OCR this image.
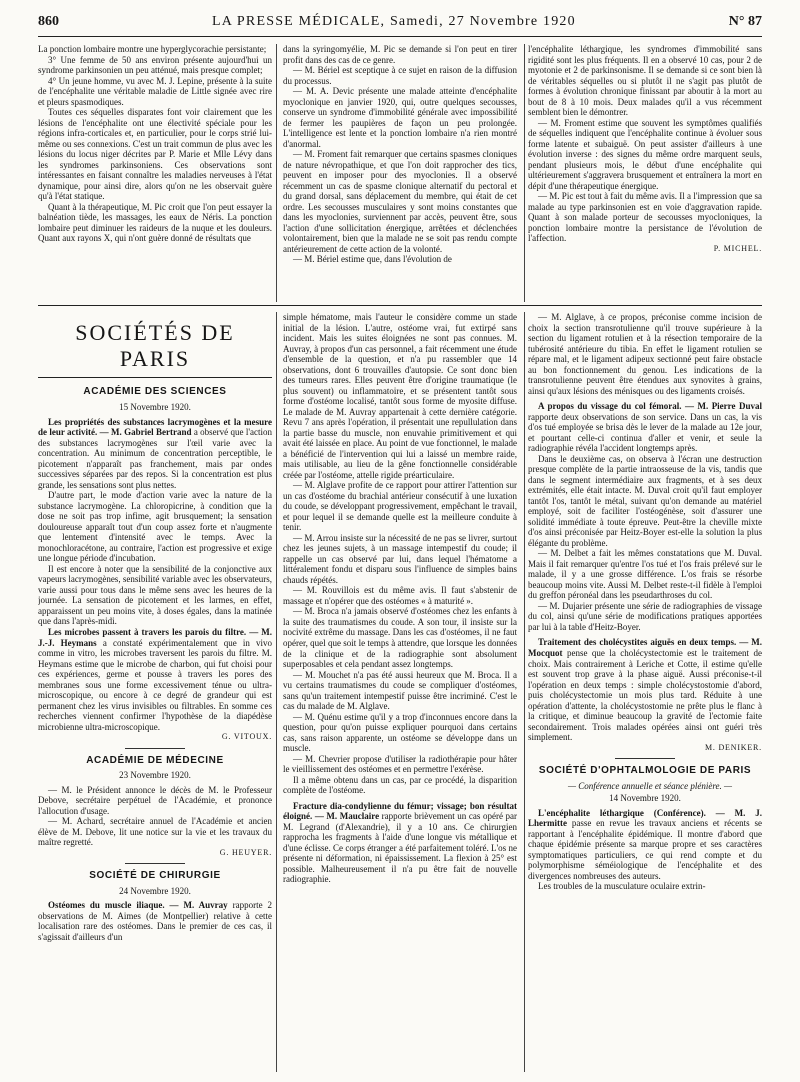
860	LA PRESSE MÉDICALE, Samedi, 27 Novembre 1920	N° 87

La ponction lombaire montre une hyperglycorachie persistante;

3° Une femme de 50 ans environ présente aujourd'hui un syndrome parkinsonien un peu atténué, mais presque complet;

4° Un jeune homme, vu avec M. J. Lepine, présente à la suite de l'encéphalite une véritable maladie de Little signée avec rire et pleurs spasmodiques.

Toutes ces séquelles disparates font voir clairement que les lésions de l'encéphalite ont une électivité spéciale pour les régions infra-corticales et, en particulier, pour le corps strié lui-même ou ses connexions. C'est un trait commun de plus avec les lésions du locus niger décrites par P. Marie et Mlle Lévy dans les syndromes parkinsoniens. Ces observations sont intéressantes en faisant connaître les maladies nerveuses à l'état dynamique, pour ainsi dire, alors qu'on ne les observait guère qu'à l'état statique.

Quant à la thérapeutique, M. Pic croit que l'on peut essayer la balnéation tiède, les massages, les eaux de Néris. La ponction lombaire peut diminuer les raideurs de la nuque et les douleurs. Quant aux rayons X, qui n'ont guère donné de résultats que

dans la syringomyélie, M. Pic se demande si l'on peut en tirer profit dans des cas de ce genre.

— M. Bériel est sceptique à ce sujet en raison de la diffusion du processus.

— M. A. Devic présente une malade atteinte d'encéphalite myoclonique en janvier 1920, qui, outre quelques secousses, conserve un syndrome d'immobilité générale avec impossibilité de fermer les paupières de façon un peu prolongée. L'intelligence est lente et la ponction lombaire n'a rien montré d'anormal.

— M. Froment fait remarquer que certains spasmes cloniques de nature névropathique, et que l'on doit rapprocher des tics, peuvent en imposer pour des myoclonies. Il a observé récemment un cas de spasme clonique alternatif du pectoral et du grand dorsal, sans déplacement du membre, qui était de cet ordre. Les secousses musculaires y sont moins constantes que dans les myoclonies, surviennent par accès, peuvent être, sous l'action d'une sollicitation énergique, arrêtées et déclenchées volontairement, bien que la malade ne se soit pas rendu compte antérieurement de cette action de la volonté.

— M. Bériel estime que, dans l'évolution de

l'encéphalite léthargique, les syndromes d'immobilité sans rigidité sont les plus fréquents. Il en a observé 10 cas, pour 2 de myotonie et 2 de parkinsonisme. Il se demande si ce sont bien là de véritables séquelles ou si plutôt il ne s'agit pas plutôt de formes à évolution chronique finissant par aboutir à la mort au bout de 8 à 10 mois. Deux malades qu'il a vus récemment semblent bien le démontrer.

— M. Froment estime que souvent les symptômes qualifiés de séquelles indiquent que l'encéphalite continue à évoluer sous forme latente et subaiguë. On peut assister d'ailleurs à une évolution inverse : des signes du même ordre marquent seuls, pendant plusieurs mois, le début d'une encéphalite qui ultérieurement s'aggravera brusquement et entraînera la mort en dépit d'une thérapeutique énergique.

— M. Pic est tout à fait du même avis. Il a l'impression que sa malade au type parkinsonien est en voie d'aggravation rapide. Quant à son malade porteur de secousses myocloniques, la ponction lombaire montre la persistance de l'évolution de l'affection.

P. MICHEL.

SOCIÉTÉS DE PARIS
ACADÉMIE DES SCIENCES
15 Novembre 1920.

Les propriétés des substances lacrymogènes et la mesure de leur activité. — M. Gabriel Bertrand a observé que l'action des substances lacrymogènes sur l'œil varie avec la concentration. Au minimum de concentration perceptible, le picotement n'apparaît pas franchement, mais par ondes successives séparées par des repos. Si la concentration est plus grande, les sensations sont plus nettes.

D'autre part, le mode d'action varie avec la nature de la substance lacrymogène. La chloropicrine, à condition que la dose ne soit pas trop infime, agit brusquement; la sensation douloureuse apparaît tout d'un coup assez forte et n'augmente que lentement d'intensité avec le temps. Avec la monochloracétone, au contraire, l'action est progressive et exige une longue période d'incubation.

Il est encore à noter que la sensibilité de la conjonctive aux vapeurs lacrymogènes, sensibilité variable avec les observateurs, varie aussi pour tous dans le même sens avec les heures de la journée. La sensation de picotement et les larmes, en effet, apparaissent un peu moins vite, à doses égales, dans la matinée que dans l'après-midi.

Les microbes passent à travers les parois du filtre. — M. J.-J. Heymans a constaté expérimentalement que in vivo comme in vitro, les microbes traversent les parois du filtre. M. Heymans estime que le microbe de charbon, qui fut choisi pour ces expériences, germe et pousse à travers les pores des membranes sous une forme excessivement ténue ou ultra-microscopique, ou encore à ce degré de grandeur qui est permanent chez les virus invisibles ou filtrables. En somme ces recherches viennent confirmer l'hypothèse de la diapédèse microbienne ultra-microscopique.

G. VITOUX.

ACADÉMIE DE MÉDECINE
23 Novembre 1920.

— M. le Président annonce le décès de M. le Professeur Debove, secrétaire perpétuel de l'Académie, et prononce l'allocution d'usage.

— M. Achard, secrétaire annuel de l'Académie et ancien élève de M. Debove, lit une notice sur la vie et les travaux du maître regretté.

G. HEUYER.

SOCIÉTÉ DE CHIRURGIE
24 Novembre 1920.

Ostéomes du muscle iliaque. — M. Auvray rapporte 2 observations de M. Aimes (de Montpellier) relative à cette localisation rare des ostéomes. Dans le premier de ces cas, il s'agissait d'ailleurs d'un

simple hématome, mais l'auteur le considère comme un stade initial de la lésion. L'autre, ostéome vrai, fut extirpé sans incident. Mais les suites éloignées ne sont pas connues. M. Auvray, à propos d'un cas personnel, a fait récemment une étude d'ensemble de la question, et n'a pu rassembler que 14 observations, dont 6 trouvailles d'autopsie. Ce sont donc bien des tumeurs rares. Elles peuvent être d'origine traumatique (le plus souvent) ou inflammatoire, et se présentent tantôt sous forme d'ostéome localisé, tantôt sous forme de myosite diffuse. Le malade de M. Auvray appartenait à cette dernière catégorie. Revu 7 ans après l'opération, il présentait une repullulation dans la partie basse du muscle, non enuvahie primitivement et qui avait été laissée en place. Au point de vue fonctionnel, le malade a bénéficié de l'intervention qui lui a laissé un membre raide, mais utilisable, au lieu de la gêne fonctionnelle considérable créée par l'ostéome, attelle rigide préarticulaire.

— M. Alglave profite de ce rapport pour attirer l'attention sur un cas d'ostéome du brachial antérieur consécutif à une luxation du coude, se développant progressivement, empêchant le travail, et pour lequel il se demande quelle est la meilleure conduite à tenir.

— M. Arrou insiste sur la nécessité de ne pas se livrer, surtout chez les jeunes sujets, à un massage intempestif du coude; il rappelle un cas observé par lui, dans lequel l'hématome a littéralement fondu et disparu sous l'influence de simples bains chauds répétés.

— M. Rouvillois est du même avis. Il faut s'abstenir de massage et n'opérer que des ostéomes « à maturité ».

— M. Broca n'a jamais observé d'ostéomes chez les enfants à la suite des traumatismes du coude. A son tour, il insiste sur la nocivité extrême du massage. Dans les cas d'ostéomes, il ne faut opérer, quel que soit le temps à attendre, que lorsque les données de la clinique et de la radiographie sont absolument superposables et cela pendant assez longtemps.

— M. Mouchet n'a pas été aussi heureux que M. Broca. Il a vu certains traumatismes du coude se compliquer d'ostéomes, sans qu'un traitement intempestif puisse être incriminé. C'est le cas du malade de M. Alglave.

— M. Quénu estime qu'il y a trop d'inconnues encore dans la question, pour qu'on puisse expliquer pourquoi dans certains cas, sans raison apparente, un ostéome se développe dans un muscle.

— M. Chevrier propose d'utiliser la radiothérapie pour hâter le vieillissement des ostéomes et en permettre l'exérèse.

Il a même obtenu dans un cas, par ce procédé, la disparition complète de l'ostéome.

Fracture dia-condylienne du fémur; vissage; bon résultat éloigné. — M. Mauclaire rapporte brièvement un cas opéré par M. Legrand (d'Alexandrie), il y a 10 ans. Ce chirurgien rapprocha les fragments à l'aide d'une longue vis métallique et d'une éclisse. Ce corps étranger a été parfaitement toléré. L'os ne présente ni déformation, ni épaississement. La flexion à 25° est possible. Malheureusement il n'a pu être fait de nouvelle radiographie.

— M. Alglave, à ce propos, préconise comme incision de choix la section transrotulienne qu'il trouve supérieure à la section du ligament rotulien et à la résection temporaire de la tubérosité antérieure du tibia. En effet le ligament rotulien se répare mal, et le ligament adipeux sectionné peut faire obstacle au bon fonctionnement du genou. Les indications de la transrotulienne peuvent être étendues aux synovites à grains, ainsi qu'aux lésions des ménisques ou des ligaments croisés.

A propos du vissage du col fémoral. — M. Pierre Duval rapporte deux observations de son service. Dans un cas, la vis d'os tué employée se brisa dès le lever de la malade au 12e jour, et pourtant celle-ci continua d'aller et venir, et seule la radiographie révéla l'accident longtemps après.

Dans le deuxième cas, on observa à l'écran une destruction presque complète de la partie intraosseuse de la vis, tandis que dans le segment intermédiaire aux fragments, et à ses deux extrémités, elle était intacte. M. Duval croit qu'il faut employer tantôt l'os, tantôt le métal, suivant qu'on demande au matériel employé, soit de faciliter l'ostéogénèse, soit d'assurer une solidité immédiate à toute épreuve. Peut-être la cheville mixte d'os ainsi préconisée par Heitz-Boyer est-elle la solution la plus élégante du problème.

— M. Delbet a fait les mêmes constatations que M. Duval. Mais il fait remarquer qu'entre l'os tué et l'os frais prélevé sur le malade, il y a une grosse différence. L'os frais se résorbe beaucoup moins vite. Aussi M. Delbet reste-t-il fidèle à l'emploi du greffon péronéal dans les pseudarthroses du col.

— M. Dujarier présente une série de radiographies de vissage du col, ainsi qu'une série de modifications pratiques apportées par lui à la table d'Heitz-Boyer.

Traitement des cholécystites aiguës en deux temps. — M. Mocquot pense que la cholécystectomie est le traitement de choix. Mais contrairement à Leriche et Cotte, il estime qu'elle est souvent trop grave à la phase aiguë. Aussi préconise-t-il l'opération en deux temps : simple cholécystostomie d'abord, puis cholécystectomie un mois plus tard. Réduite à une opération d'attente, la cholécystostomie ne prête plus le flanc à la critique, et diminue beaucoup la gravité de l'ectomie faite secondairement. Trois malades opérées ainsi ont guéri très simplement.

M. DENIKER.

SOCIÉTÉ D'OPHTALMOLOGIE DE PARIS

— Conférence annuelle et séance plénière. —

14 Novembre 1920.

L'encéphalite léthargique (Conférence). — M. J. Lhermitte passe en revue les travaux anciens et récents se rapportant à l'encéphalite épidémique. Il montre d'abord que chaque épidémie présente sa marque propre et ses caractères symptomatiques particuliers, ce qui rend compte et du polymorphisme séméiologique de l'encéphalite et des divergences nombreuses des auteurs.

Les troubles de la musculature oculaire extrin-
